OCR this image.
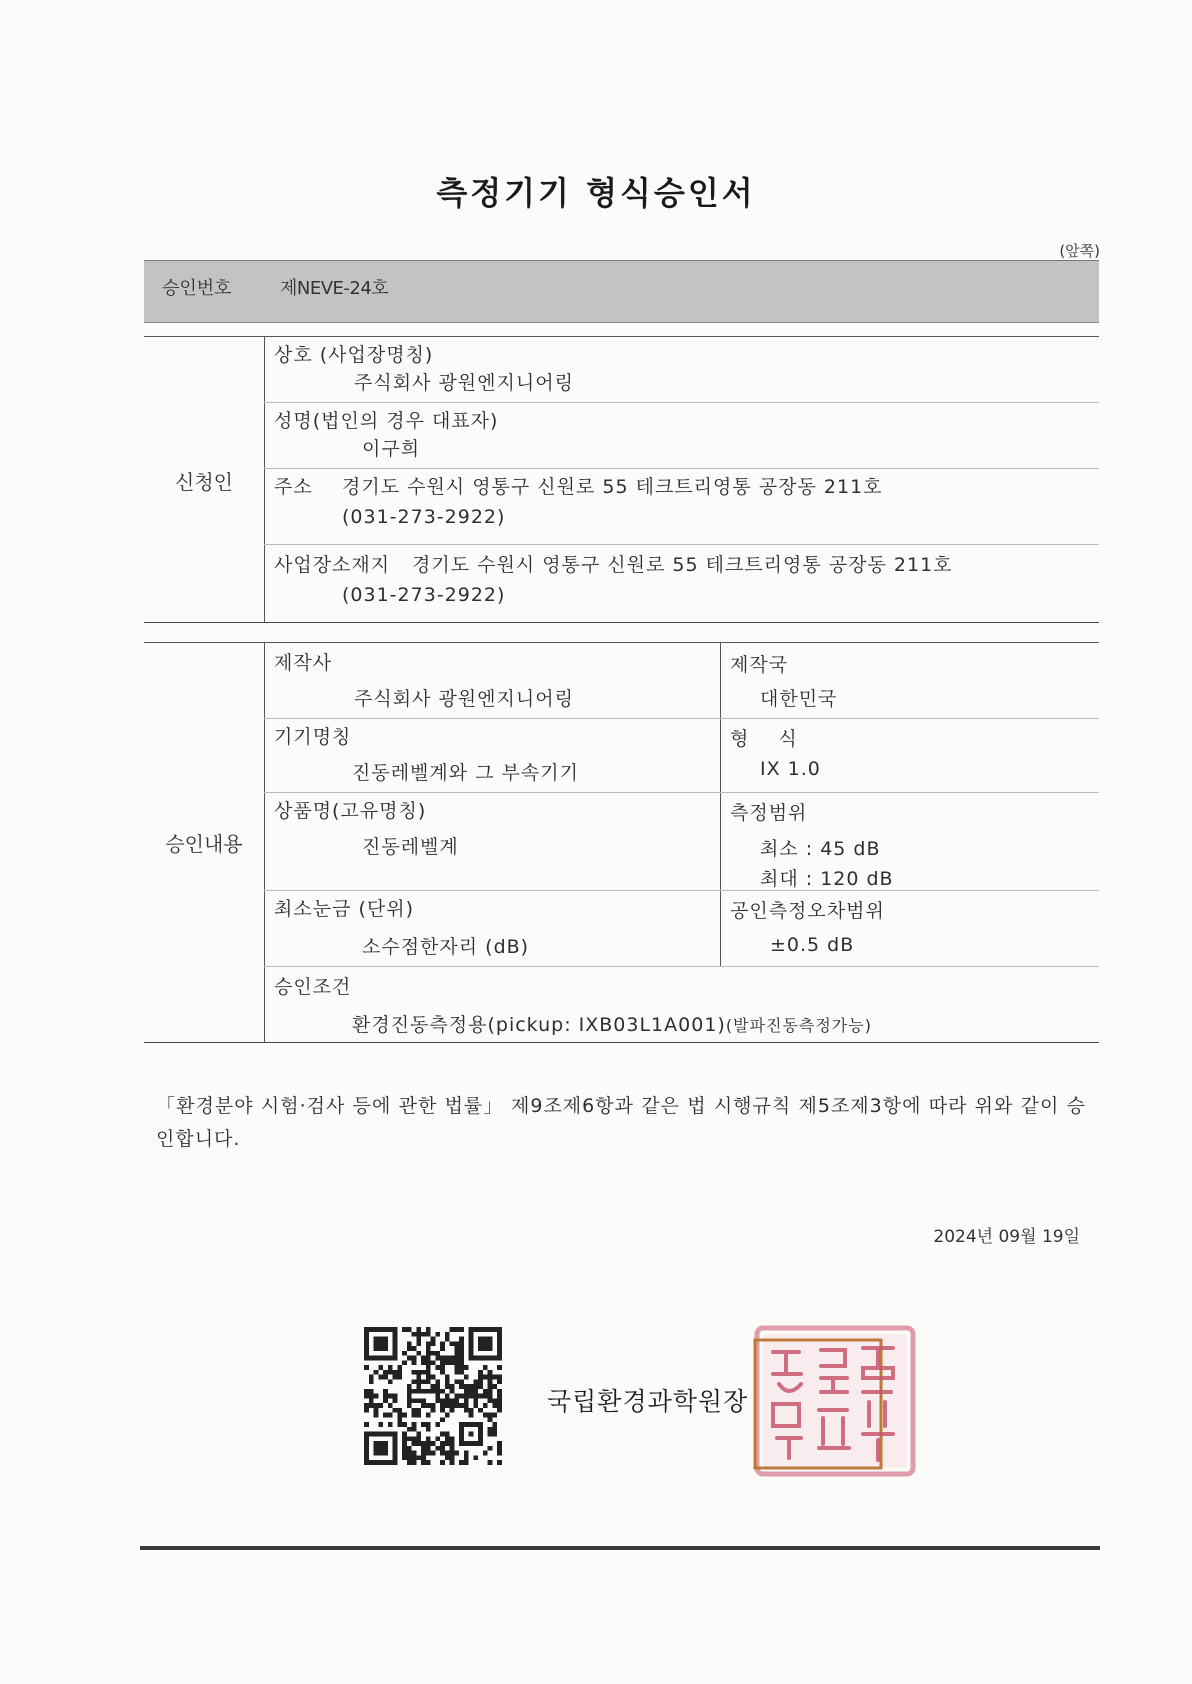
측정기기 형식승인서
(앞쪽)
승인번호	제NEVE-24호
신청인
상호 (사업장명칭)
주식회사 광원엔지니어링
성명(법인의 경우 대표자)
이구희
주소 경기도 수원시 영통구 신원로 55 테크트리영통 공장동 211호
(031-273-2922)
사업장소재지 경기도 수원시 영통구 신원로 55 테크트리영통 공장동 211호
(031-273-2922)
승인내용
제작사
주식회사 광원엔지니어링
제작국
대한민국
기기명칭
진동레벨계와 그 부속기기
형 식
IX 1.0
상품명(고유명칭)
진동레벨계
측정범위
최소 : 45 dB
최대 : 120 dB
최소눈금 (단위)
소수점한자리 (dB)
공인측정오차범위
±0.5 dB
승인조건
환경진동측정용(pickup: IXB03L1A001)(발파진동측정가능)
「환경분야 시험·검사 등에 관한 법률」 제9조제6항과 같은 법 시행규칙 제5조제3항에 따라 위와 같이 승인합니다.
2024년 09월 19일
국립환경과학원장
